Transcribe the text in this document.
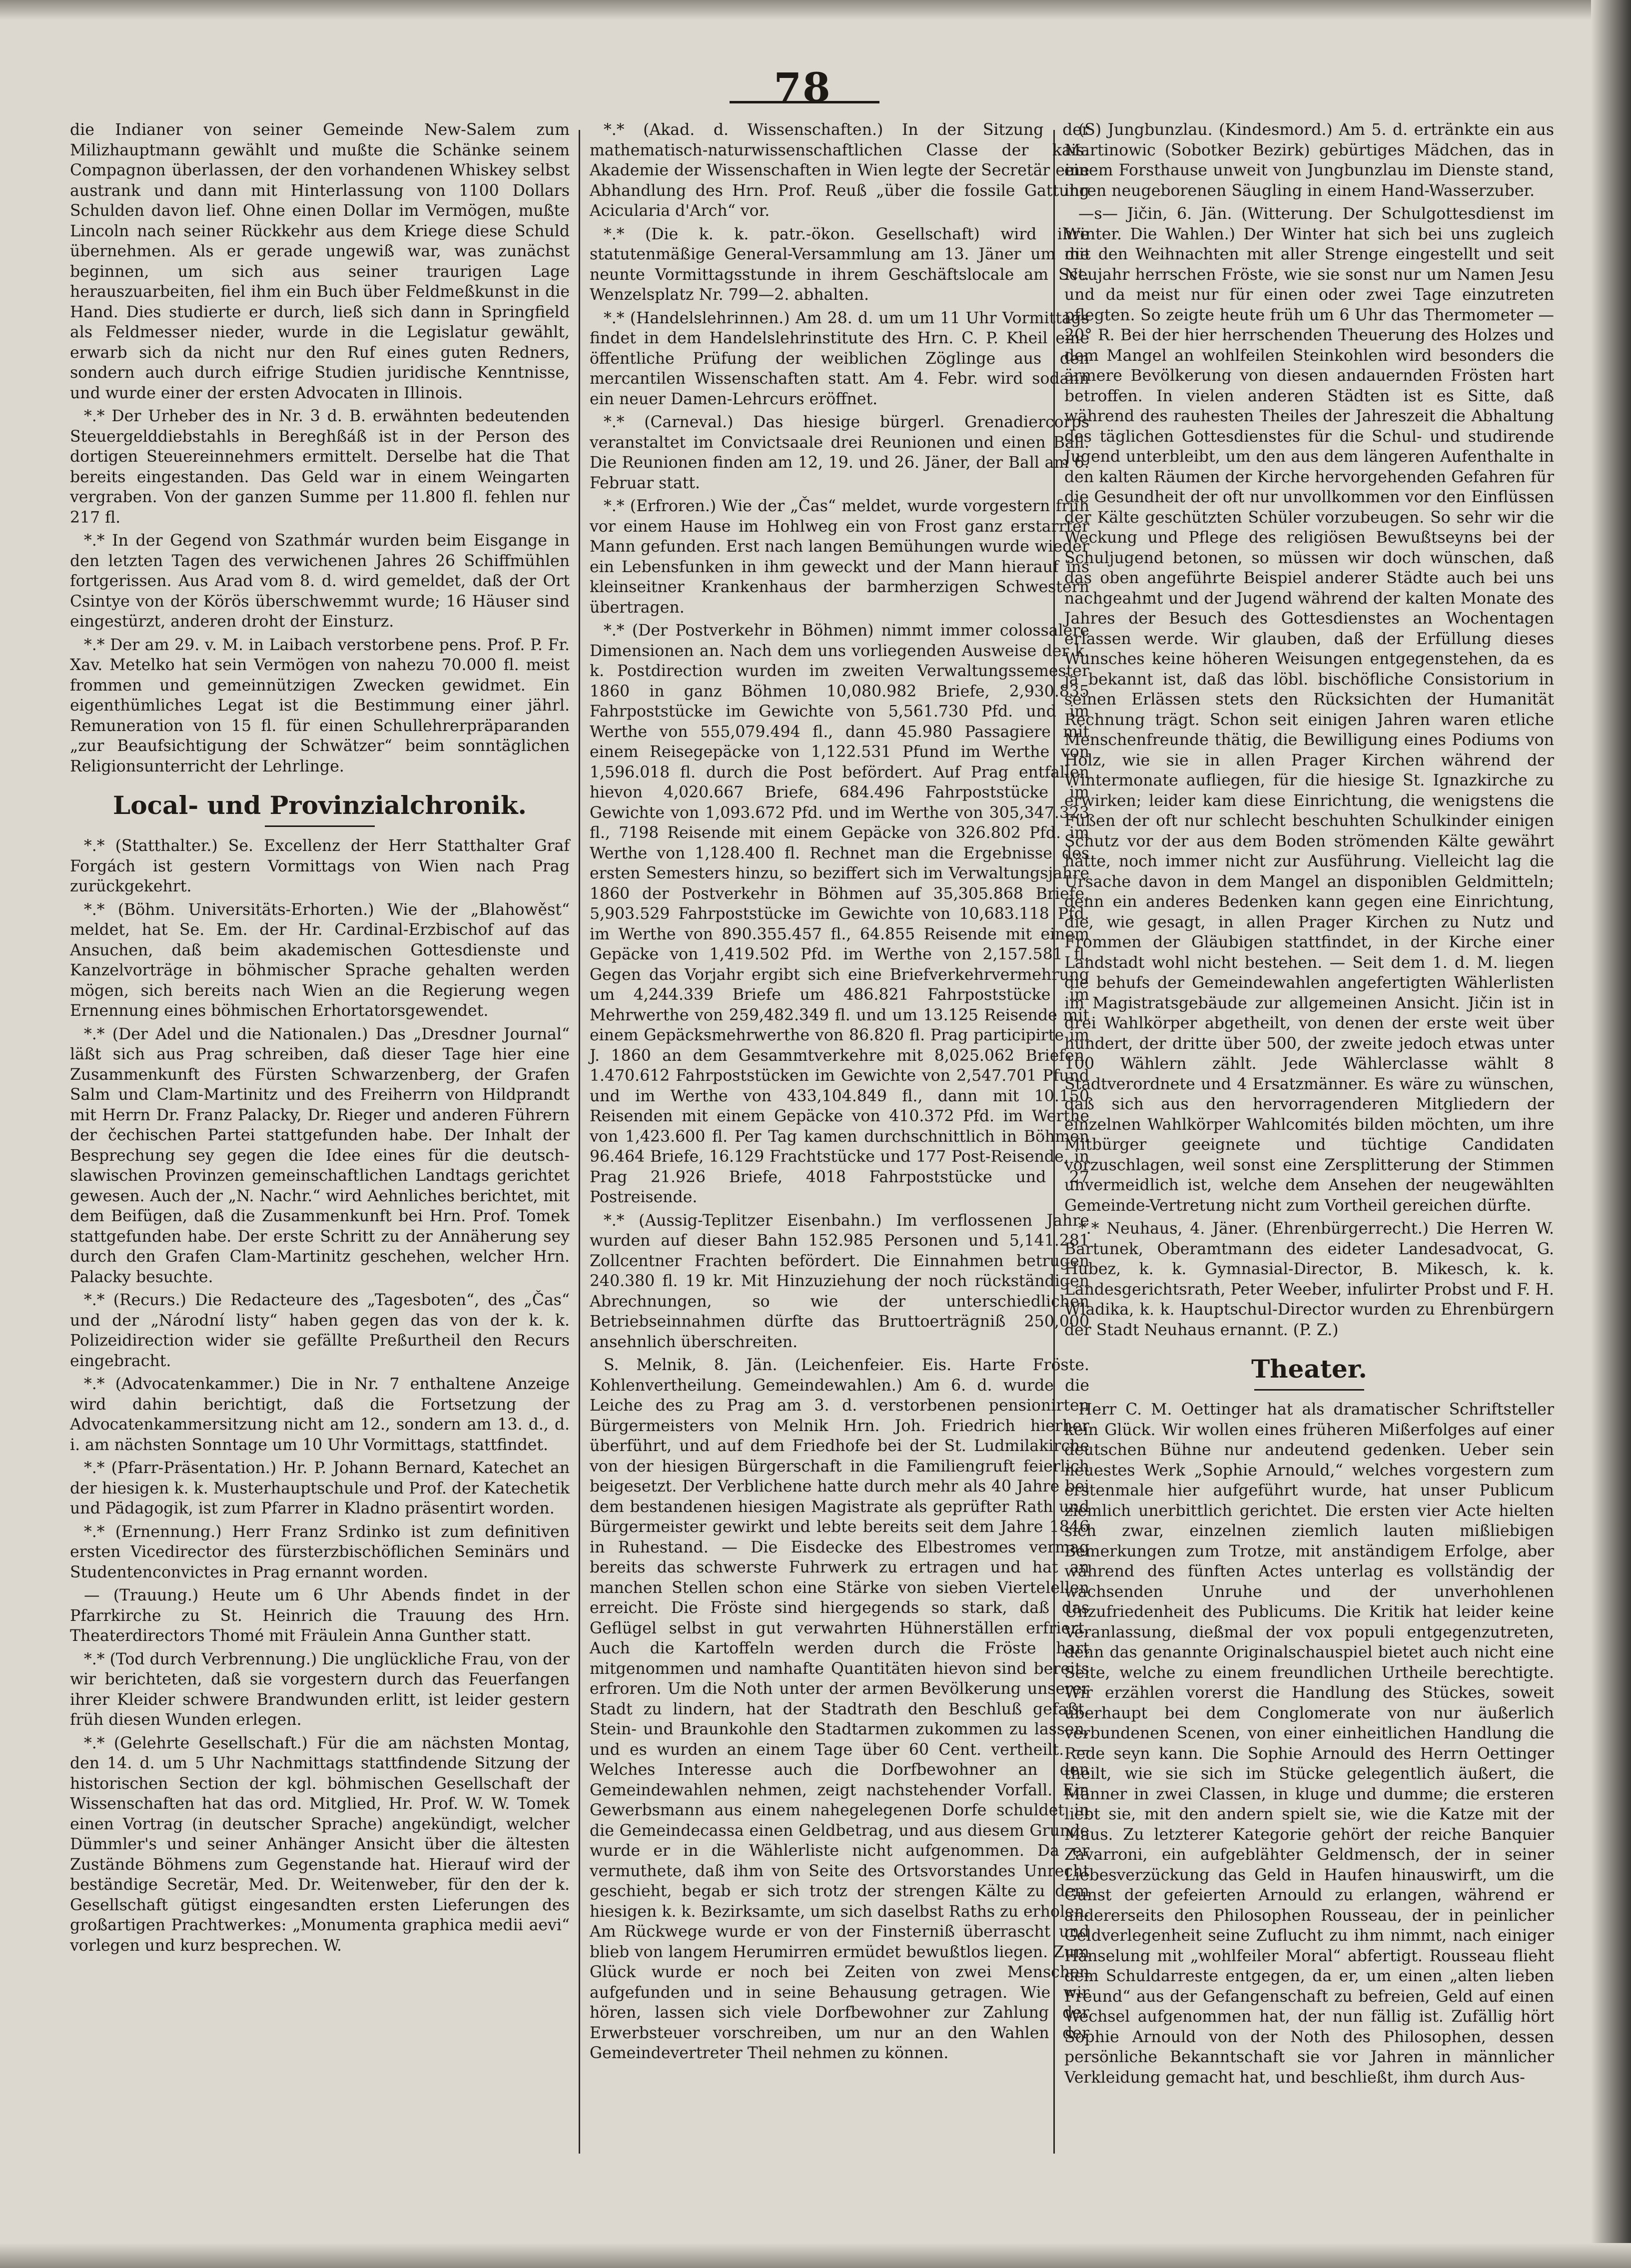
78

die Indianer von seiner Gemeinde New-Salem zum Milizhauptmann gewählt und mußte die Schänke seinem Compagnon überlassen, der den vorhandenen Whiskey selbst austrank und dann mit Hinterlassung von 1100 Dollars Schulden davon lief. Ohne einen Dollar im Vermögen, mußte Lincoln nach seiner Rückkehr aus dem Kriege diese Schuld übernehmen. Als er gerade ungewiß war, was zunächst beginnen, um sich aus seiner traurigen Lage herauszuarbeiten, fiel ihm ein Buch über Feldmeßkunst in die Hand. Dies studierte er durch, ließ sich dann in Springfield als Feldmesser nieder, wurde in die Legislatur gewählt, erwarb sich da nicht nur den Ruf eines guten Redners, sondern auch durch eifrige Studien juridische Kenntnisse, und wurde einer der ersten Advocaten in Illinois.

*.* Der Urheber des in Nr. 3 d. B. erwähnten bedeutenden Steuergelddiebstahls in Bereghßáß ist in der Person des dortigen Steuereinnehmers ermittelt. Derselbe hat die That bereits eingestanden. Das Geld war in einem Weingarten vergraben. Von der ganzen Summe per 11.800 fl. fehlen nur 217 fl.

*.* In der Gegend von Szathmár wurden beim Eisgange in den letzten Tagen des verwichenen Jahres 26 Schiffmühlen fortgerissen. Aus Arad vom 8. d. wird gemeldet, daß der Ort Csintye von der Körös überschwemmt wurde; 16 Häuser sind eingestürzt, anderen droht der Einsturz.

*.* Der am 29. v. M. in Laibach verstorbene pens. Prof. P. Fr. Xav. Metelko hat sein Vermögen von nahezu 70.000 fl. meist frommen und gemeinnützigen Zwecken gewidmet. Ein eigenthümliches Legat ist die Bestimmung einer jährl. Remuneration von 15 fl. für einen Schullehrerpräparanden „zur Beaufsichtigung der Schwätzer“ beim sonntäglichen Religionsunterricht der Lehrlinge.

Local- und Provinzialchronik.

*.* (Statthalter.) Se. Excellenz der Herr Statthalter Graf Forgách ist gestern Vormittags von Wien nach Prag zurückgekehrt.

*.* (Böhm. Universitäts-Erhorten.) Wie der „Blahowěst“ meldet, hat Se. Em. der Hr. Cardinal-Erzbischof auf das Ansuchen, daß beim akademischen Gottesdienste und Kanzelvorträge in böhmischer Sprache gehalten werden mögen, sich bereits nach Wien an die Regierung wegen Ernennung eines böhmischen Erhortatorsgewendet.

*.* (Der Adel und die Nationalen.) Das „Dresdner Journal“ läßt sich aus Prag schreiben, daß dieser Tage hier eine Zusammenkunft des Fürsten Schwarzenberg, der Grafen Salm und Clam-Martinitz und des Freiherrn von Hildprandt mit Herrn Dr. Franz Palacky, Dr. Rieger und anderen Führern der čechischen Partei stattgefunden habe. Der Inhalt der Besprechung sey gegen die Idee eines für die deutsch-slawischen Provinzen gemeinschaftlichen Landtags gerichtet gewesen. Auch der „N. Nachr.“ wird Aehnliches berichtet, mit dem Beifügen, daß die Zusammenkunft bei Hrn. Prof. Tomek stattgefunden habe. Der erste Schritt zu der Annäherung sey durch den Grafen Clam-Martinitz geschehen, welcher Hrn. Palacky besuchte.

*.* (Recurs.) Die Redacteure des „Tagesboten“, des „Čas“ und der „Národní listy“ haben gegen das von der k. k. Polizeidirection wider sie gefällte Preßurtheil den Recurs eingebracht.

*.* (Advocatenkammer.) Die in Nr. 7 enthaltene Anzeige wird dahin berichtigt, daß die Fortsetzung der Advocatenkammersitzung nicht am 12., sondern am 13. d., d. i. am nächsten Sonntage um 10 Uhr Vormittags, stattfindet.

*.* (Pfarr-Präsentation.) Hr. P. Johann Bernard, Katechet an der hiesigen k. k. Musterhauptschule und Prof. der Katechetik und Pädagogik, ist zum Pfarrer in Kladno präsentirt worden.

*.* (Ernennung.) Herr Franz Srdinko ist zum definitiven ersten Vicedirector des fürsterzbischöflichen Seminärs und Studentenconvictes in Prag ernannt worden.

— (Trauung.) Heute um 6 Uhr Abends findet in der Pfarrkirche zu St. Heinrich die Trauung des Hrn. Theaterdirectors Thomé mit Fräulein Anna Gunther statt.

*.* (Tod durch Verbrennung.) Die unglückliche Frau, von der wir berichteten, daß sie vorgestern durch das Feuerfangen ihrer Kleider schwere Brandwunden erlitt, ist leider gestern früh diesen Wunden erlegen.

*.* (Gelehrte Gesellschaft.) Für die am nächsten Montag, den 14. d. um 5 Uhr Nachmittags stattfindende Sitzung der historischen Section der kgl. böhmischen Gesellschaft der Wissenschaften hat das ord. Mitglied, Hr. Prof. W. W. Tomek einen Vortrag (in deutscher Sprache) angekündigt, welcher Dümmler's und seiner Anhänger Ansicht über die ältesten Zustände Böhmens zum Gegenstande hat. Hierauf wird der beständige Secretär, Med. Dr. Weitenweber, für den der k. Gesellschaft gütigst eingesandten ersten Lieferungen des großartigen Prachtwerkes: „Monumenta graphica medii aevi“ vorlegen und kurz besprechen. W.

*.* (Akad. d. Wissenschaften.) In der Sitzung der mathematisch-naturwissenschaftlichen Classe der kais. Akademie der Wissenschaften in Wien legte der Secretär eine Abhandlung des Hrn. Prof. Reuß „über die fossile Gattung Acicularia d'Arch“ vor.

*.* (Die k. k. patr.-ökon. Gesellschaft) wird ihre statutenmäßige General-Versammlung am 13. Jäner um die neunte Vormittagsstunde in ihrem Geschäftslocale am Sct. Wenzelsplatz Nr. 799—2. abhalten.

*.* (Handelslehrinnen.) Am 28. d. um um 11 Uhr Vormittags findet in dem Handelslehrinstitute des Hrn. C. P. Kheil eine öffentliche Prüfung der weiblichen Zöglinge aus den mercantilen Wissenschaften statt. Am 4. Febr. wird sodann ein neuer Damen-Lehrcurs eröffnet.

*.* (Carneval.) Das hiesige bürgerl. Grenadiercorps veranstaltet im Convictsaale drei Reunionen und einen Ball. Die Reunionen finden am 12, 19. und 26. Jäner, der Ball am 6. Februar statt.

*.* (Erfroren.) Wie der „Čas“ meldet, wurde vorgestern früh vor einem Hause im Hohlweg ein von Frost ganz erstarrter Mann gefunden. Erst nach langen Bemühungen wurde wieder ein Lebensfunken in ihm geweckt und der Mann hierauf ins kleinseitner Krankenhaus der barmherzigen Schwestern übertragen.

*.* (Der Postverkehr in Böhmen) nimmt immer colossalere Dimensionen an. Nach dem uns vorliegenden Ausweise der k. k. Postdirection wurden im zweiten Verwaltungssemester 1860 in ganz Böhmen 10,080.982 Briefe, 2,930.835 Fahrpoststücke im Gewichte von 5,561.730 Pfd. und im Werthe von 555,079.494 fl., dann 45.980 Passagiere mit einem Reisegepäcke von 1,122.531 Pfund im Werthe von 1,596.018 fl. durch die Post befördert. Auf Prag entfallen hievon 4,020.667 Briefe, 684.496 Fahrpoststücke im Gewichte von 1,093.672 Pfd. und im Werthe von 305,347.323 fl., 7198 Reisende mit einem Gepäcke von 326.802 Pfd. im Werthe von 1,128.400 fl. Rechnet man die Ergebnisse des ersten Semesters hinzu, so beziffert sich im Verwaltungsjahre 1860 der Postverkehr in Böhmen auf 35,305.868 Briefe, 5,903.529 Fahrpoststücke im Gewichte von 10,683.118 Pfd. im Werthe von 890.355.457 fl., 64.855 Reisende mit einem Gepäcke von 1,419.502 Pfd. im Werthe von 2,157.581 fl. Gegen das Vorjahr ergibt sich eine Briefverkehrvermehrung um 4,244.339 Briefe um 486.821 Fahrpoststücke im Mehrwerthe von 259,482.349 fl. und um 13.125 Reisende mit einem Gepäcksmehrwerthe von 86.820 fl. Prag participirte im J. 1860 an dem Gesammtverkehre mit 8,025.062 Briefen, 1.470.612 Fahrpoststücken im Gewichte von 2,547.701 Pfund und im Werthe von 433,104.849 fl., dann mit 10.150 Reisenden mit einem Gepäcke von 410.372 Pfd. im Werthe von 1,423.600 fl. Per Tag kamen durchschnittlich in Böhmen 96.464 Briefe, 16.129 Frachtstücke und 177 Post-Reisende, in Prag 21.926 Briefe, 4018 Fahrpoststücke und 27 Postreisende.

*.* (Aussig-Teplitzer Eisenbahn.) Im verflossenen Jahre wurden auf dieser Bahn 152.985 Personen und 5,141.281 Zollcentner Frachten befördert. Die Einnahmen betrugen 240.380 fl. 19 kr. Mit Hinzuziehung der noch rückständigen Abrechnungen, so wie der unterschiedlichen Betriebseinnahmen dürfte das Bruttoerträgniß 250,000 ansehnlich überschreiten.

S. Melnik, 8. Jän. (Leichenfeier. Eis. Harte Fröste. Kohlenvertheilung. Gemeindewahlen.) Am 6. d. wurde die Leiche des zu Prag am 3. d. verstorbenen pensionirten Bürgermeisters von Melnik Hrn. Joh. Friedrich hierher überführt, und auf dem Friedhofe bei der St. Ludmilakirche von der hiesigen Bürgerschaft in die Familiengruft feierlich beigesetzt. Der Verblichene hatte durch mehr als 40 Jahre bei dem bestandenen hiesigen Magistrate als geprüfter Rath und Bürgermeister gewirkt und lebte bereits seit dem Jahre 1846 in Ruhestand. — Die Eisdecke des Elbestromes vermag bereits das schwerste Fuhrwerk zu ertragen und hat an manchen Stellen schon eine Stärke von sieben Viertelellen erreicht. Die Fröste sind hiergegends so stark, daß das Geflügel selbst in gut verwahrten Hühnerställen erfriert. Auch die Kartoffeln werden durch die Fröste hart mitgenommen und namhafte Quantitäten hievon sind bereits erfroren. Um die Noth unter der armen Bevölkerung unserer Stadt zu lindern, hat der Stadtrath den Beschluß gefaßt, Stein- und Braunkohle den Stadtarmen zukommen zu lassen, und es wurden an einem Tage über 60 Cent. vertheilt. — Welches Interesse auch die Dorfbewohner an den Gemeindewahlen nehmen, zeigt nachstehender Vorfall. Ein Gewerbsmann aus einem nahegelegenen Dorfe schuldet in die Gemeindecassa einen Geldbetrag, und aus diesem Grunde wurde er in die Wählerliste nicht aufgenommen. Da er vermuthete, daß ihm von Seite des Ortsvorstandes Unrecht geschieht, begab er sich trotz der strengen Kälte zu dem hiesigen k. k. Bezirksamte, um sich daselbst Raths zu erholen. Am Rückwege wurde er von der Finsterniß überrascht und blieb von langem Herumirren ermüdet bewußtlos liegen. Zum Glück wurde er noch bei Zeiten von zwei Menschen aufgefunden und in seine Behausung getragen. Wie wir hören, lassen sich viele Dorfbewohner zur Zahlung der Erwerbsteuer vorschreiben, um nur an den Wahlen der Gemeindevertreter Theil nehmen zu können.

(S) Jungbunzlau. (Kindesmord.) Am 5. d. ertränkte ein aus Martinowic (Sobotker Bezirk) gebürtiges Mädchen, das in einem Forsthause unweit von Jungbunzlau im Dienste stand, ihren neugeborenen Säugling in einem Hand-Wasserzuber.

—s— Jičin, 6. Jän. (Witterung. Der Schulgottesdienst im Winter. Die Wahlen.) Der Winter hat sich bei uns zugleich mit den Weihnachten mit aller Strenge eingestellt und seit Neujahr herrschen Fröste, wie sie sonst nur um Namen Jesu und da meist nur für einen oder zwei Tage einzutreten pflegten. So zeigte heute früh um 6 Uhr das Thermometer — 20° R. Bei der hier herrschenden Theuerung des Holzes und dem Mangel an wohlfeilen Steinkohlen wird besonders die ärmere Bevölkerung von diesen andauernden Frösten hart betroffen. In vielen anderen Städten ist es Sitte, daß während des rauhesten Theiles der Jahreszeit die Abhaltung des täglichen Gottesdienstes für die Schul- und studirende Jugend unterbleibt, um den aus dem längeren Aufenthalte in den kalten Räumen der Kirche hervorgehenden Gefahren für die Gesundheit der oft nur unvollkommen vor den Einflüssen der Kälte geschützten Schüler vorzubeugen. So sehr wir die Weckung und Pflege des religiösen Bewußtseyns bei der Schuljugend betonen, so müssen wir doch wünschen, daß das oben angeführte Beispiel anderer Städte auch bei uns nachgeahmt und der Jugend während der kalten Monate des Jahres der Besuch des Gottesdienstes an Wochentagen erlassen werde. Wir glauben, daß der Erfüllung dieses Wunsches keine höheren Weisungen entgegenstehen, da es ja bekannt ist, daß das löbl. bischöfliche Consistorium in seinen Erlässen stets den Rücksichten der Humanität Rechnung trägt. Schon seit einigen Jahren waren etliche Menschenfreunde thätig, die Bewilligung eines Podiums von Holz, wie sie in allen Prager Kirchen während der Wintermonate aufliegen, für die hiesige St. Ignazkirche zu erwirken; leider kam diese Einrichtung, die wenigstens die Füßen der oft nur schlecht beschuhten Schulkinder einigen Schutz vor der aus dem Boden strömenden Kälte gewährt hätte, noch immer nicht zur Ausführung. Vielleicht lag die Ursache davon in dem Mangel an disponiblen Geldmitteln; denn ein anderes Bedenken kann gegen eine Einrichtung, die, wie gesagt, in allen Prager Kirchen zu Nutz und Frommen der Gläubigen stattfindet, in der Kirche einer Landstadt wohl nicht bestehen. — Seit dem 1. d. M. liegen die behufs der Gemeindewahlen angefertigten Wählerlisten im Magistratsgebäude zur allgemeinen Ansicht. Jičin ist in drei Wahlkörper abgetheilt, von denen der erste weit über hundert, der dritte über 500, der zweite jedoch etwas unter 100 Wählern zählt. Jede Wählerclasse wählt 8 Stadtverordnete und 4 Ersatzmänner. Es wäre zu wünschen, daß sich aus den hervorragenderen Mitgliedern der einzelnen Wahlkörper Wahlcomités bilden möchten, um ihre Mitbürger geeignete und tüchtige Candidaten vorzuschlagen, weil sonst eine Zersplitterung der Stimmen unvermeidlich ist, welche dem Ansehen der neugewählten Gemeinde-Vertretung nicht zum Vortheil gereichen dürfte.

*.* Neuhaus, 4. Jäner. (Ehrenbürgerrecht.) Die Herren W. Bartunek, Oberamtmann des eideter Landesadvocat, G. Hubez, k. k. Gymnasial-Director, B. Mikesch, k. k. Landesgerichtsrath, Peter Weeber, infulirter Probst und F. H. Wladika, k. k. Hauptschul-Director wurden zu Ehrenbürgern der Stadt Neuhaus ernannt. (P. Z.)

Theater.

Herr C. M. Oettinger hat als dramatischer Schriftsteller kein Glück. Wir wollen eines früheren Mißerfolges auf einer deutschen Bühne nur andeutend gedenken. Ueber sein neuestes Werk „Sophie Arnould,“ welches vorgestern zum erstenmale hier aufgeführt wurde, hat unser Publicum ziemlich unerbittlich gerichtet. Die ersten vier Acte hielten sich zwar, einzelnen ziemlich lauten mißliebigen Bemerkungen zum Trotze, mit anständigem Erfolge, aber während des fünften Actes unterlag es vollständig der wachsenden Unruhe und der unverhohlenen Unzufriedenheit des Publicums. Die Kritik hat leider keine Veranlassung, dießmal der vox populi entgegenzutreten, denn das genannte Originalschauspiel bietet auch nicht eine Seite, welche zu einem freundlichen Urtheile berechtigte. Wir erzählen vorerst die Handlung des Stückes, soweit überhaupt bei dem Conglomerate von nur äußerlich verbundenen Scenen, von einer einheitlichen Handlung die Rede seyn kann. Die Sophie Arnould des Herrn Oettinger theilt, wie sie sich im Stücke gelegentlich äußert, die Männer in zwei Classen, in kluge und dumme; die ersteren liebt sie, mit den andern spielt sie, wie die Katze mit der Maus. Zu letzterer Kategorie gehört der reiche Banquier Zavarroni, ein aufgeblähter Geldmensch, der in seiner Liebesverzückung das Geld in Haufen hinauswirft, um die Gunst der gefeierten Arnould zu erlangen, während er andererseits den Philosophen Rousseau, der in peinlicher Geldverlegenheit seine Zuflucht zu ihm nimmt, nach einiger Hänselung mit „wohlfeiler Moral“ abfertigt. Rousseau flieht dem Schuldarreste entgegen, da er, um einen „alten lieben Freund“ aus der Gefangenschaft zu befreien, Geld auf einen Wechsel aufgenommen hat, der nun fällig ist. Zufällig hört Sophie Arnould von der Noth des Philosophen, dessen persönliche Bekanntschaft sie vor Jahren in männlicher Verkleidung gemacht hat, und beschließt, ihm durch Aus-
